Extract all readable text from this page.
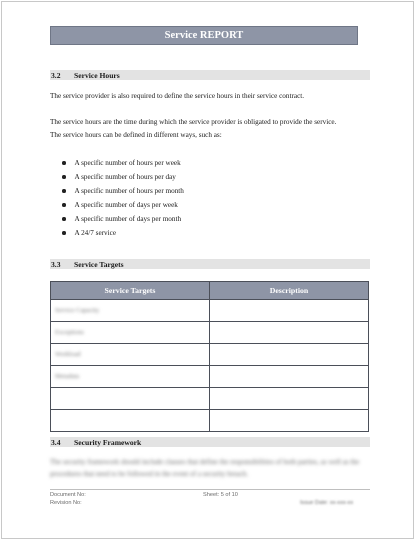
Service REPORT
3.2	Service Hours
The service provider is also required to define the service hours in their service contract.
The service hours are the time during which the service provider is obligated to provide the service.
The service hours can be defined in different ways, such as:
A specific number of hours per week
A specific number of hours per day
A specific number of hours per month
A specific number of days per week
A specific number of days per month
A 24/7 service
3.3	Service Targets
Service Targets	Description
Service Capacity	
Exceptions	
Workload	
Metadata	

3.4	Security Framework
The security framework should include clauses that define the responsibilities of both parties, as well as the procedures that need to be followed in the event of a security breach.
Document No:
Revision No:
Sheet: 5 of 10
Issue Date: xx-xxx-xx
